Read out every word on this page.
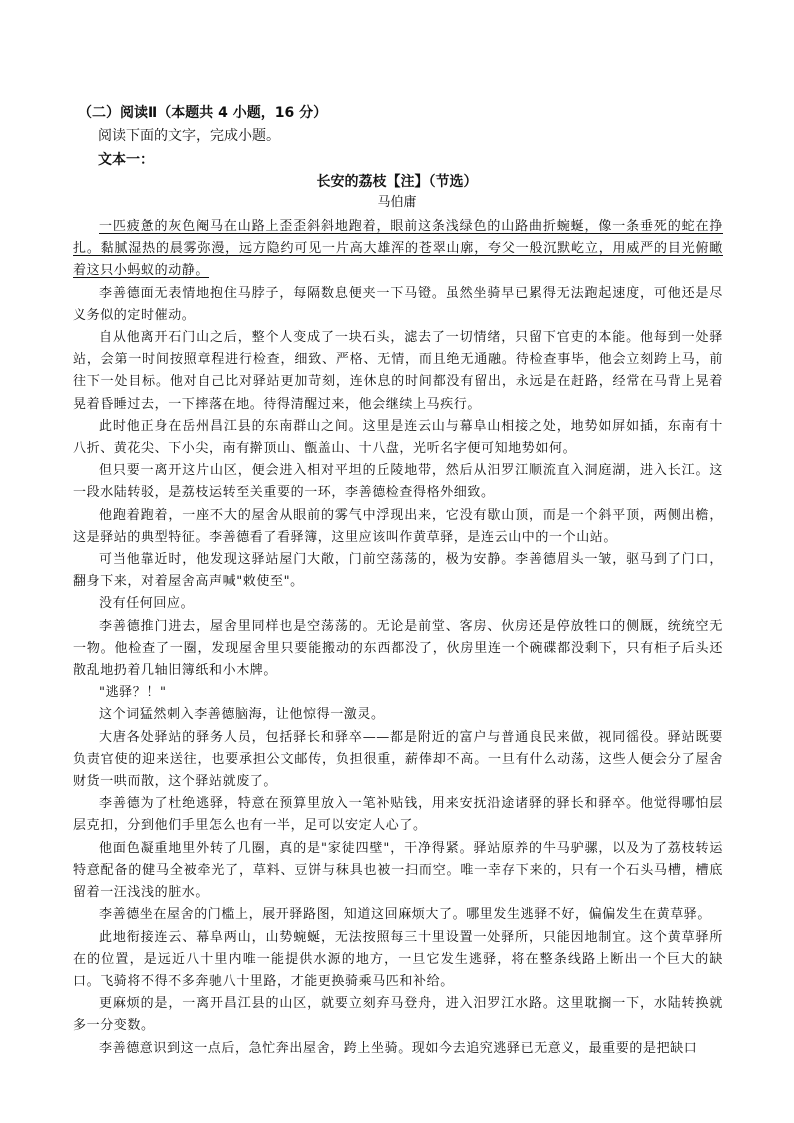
（二）阅读Ⅱ（本题共 4 小题，16 分）
阅读下面的文字，完成小题。
文本一：
长安的荔枝【注】（节选）
马伯庸

一匹疲惫的灰色阉马在山路上歪歪斜斜地跑着，眼前这条浅绿色的山路曲折蜿蜒，像一条垂死的蛇在挣扎。黏腻湿热的晨雾弥漫，远方隐约可见一片高大雄浑的苍翠山廓，夸父一般沉默屹立，用威严的目光俯瞰着这只小蚂蚁的动静。

李善德面无表情地抱住马脖子，每隔数息便夹一下马镫。虽然坐骑早已累得无法跑起速度，可他还是尽义务似的定时催动。

自从他离开石门山之后，整个人变成了一块石头，滤去了一切情绪，只留下官吏的本能。他每到一处驿站，会第一时间按照章程进行检查，细致、严格、无情，而且绝无通融。待检查事毕，他会立刻跨上马，前往下一处目标。他对自己比对驿站更加苛刻，连休息的时间都没有留出，永远是在赶路，经常在马背上晃着晃着昏睡过去，一下摔落在地。待得清醒过来，他会继续上马疾行。

此时他正身在岳州昌江县的东南群山之间。这里是连云山与幕阜山相接之处，地势如屏如插，东南有十八折、黄花尖、下小尖，南有擀顶山、甑盖山、十八盘，光听名字便可知地势如何。

但只要一离开这片山区，便会进入相对平坦的丘陵地带，然后从汨罗江顺流直入洞庭湖，进入长江。这一段水陆转驳，是荔枝运转至关重要的一环，李善德检查得格外细致。

他跑着跑着，一座不大的屋舍从眼前的雾气中浮现出来，它没有歇山顶，而是一个斜平顶，两侧出檐，这是驿站的典型特征。李善德看了看驿簿，这里应该叫作黄草驿，是连云山中的一个山站。

可当他靠近时，他发现这驿站屋门大敞，门前空荡荡的，极为安静。李善德眉头一皱，驱马到了门口，翻身下来，对着屋舍高声喊"敕使至"。

没有任何回应。

李善德推门进去，屋舍里同样也是空荡荡的。无论是前堂、客房、伙房还是停放牲口的侧厩，统统空无一物。他检查了一圈，发现屋舍里只要能搬动的东西都没了，伙房里连一个碗碟都没剩下，只有柜子后头还散乱地扔着几轴旧簿纸和小木牌。

"逃驿？！"

这个词猛然刺入李善德脑海，让他惊得一激灵。

大唐各处驿站的驿务人员，包括驿长和驿卒——都是附近的富户与普通良民来做，视同徭役。驿站既要负责官使的迎来送往，也要承担公文邮传，负担很重，薪俸却不高。一旦有什么动荡，这些人便会分了屋舍财货一哄而散，这个驿站就废了。

李善德为了杜绝逃驿，特意在预算里放入一笔补贴钱，用来安抚沿途诸驿的驿长和驿卒。他觉得哪怕层层克扣，分到他们手里怎么也有一半，足可以安定人心了。

他面色凝重地里外转了几圈，真的是"家徒四壁"，干净得紧。驿站原养的牛马驴骡，以及为了荔枝转运特意配备的健马全被牵光了，草料、豆饼与秣具也被一扫而空。唯一幸存下来的，只有一个石头马槽，槽底留着一汪浅浅的脏水。

李善德坐在屋舍的门槛上，展开驿路图，知道这回麻烦大了。哪里发生逃驿不好，偏偏发生在黄草驿。

此地衔接连云、幕阜两山，山势蜿蜒，无法按照每三十里设置一处驿所，只能因地制宜。这个黄草驿所在的位置，是远近八十里内唯一能提供水源的地方，一旦它发生逃驿，将在整条线路上断出一个巨大的缺口。飞骑将不得不多奔驰八十里路，才能更换骑乘马匹和补给。

更麻烦的是，一离开昌江县的山区，就要立刻弃马登舟，进入汨罗江水路。这里耽搁一下，水陆转换就多一分变数。

李善德意识到这一点后，急忙奔出屋舍，跨上坐骑。现如今去追究逃驿已无意义，最重要的是把缺口
